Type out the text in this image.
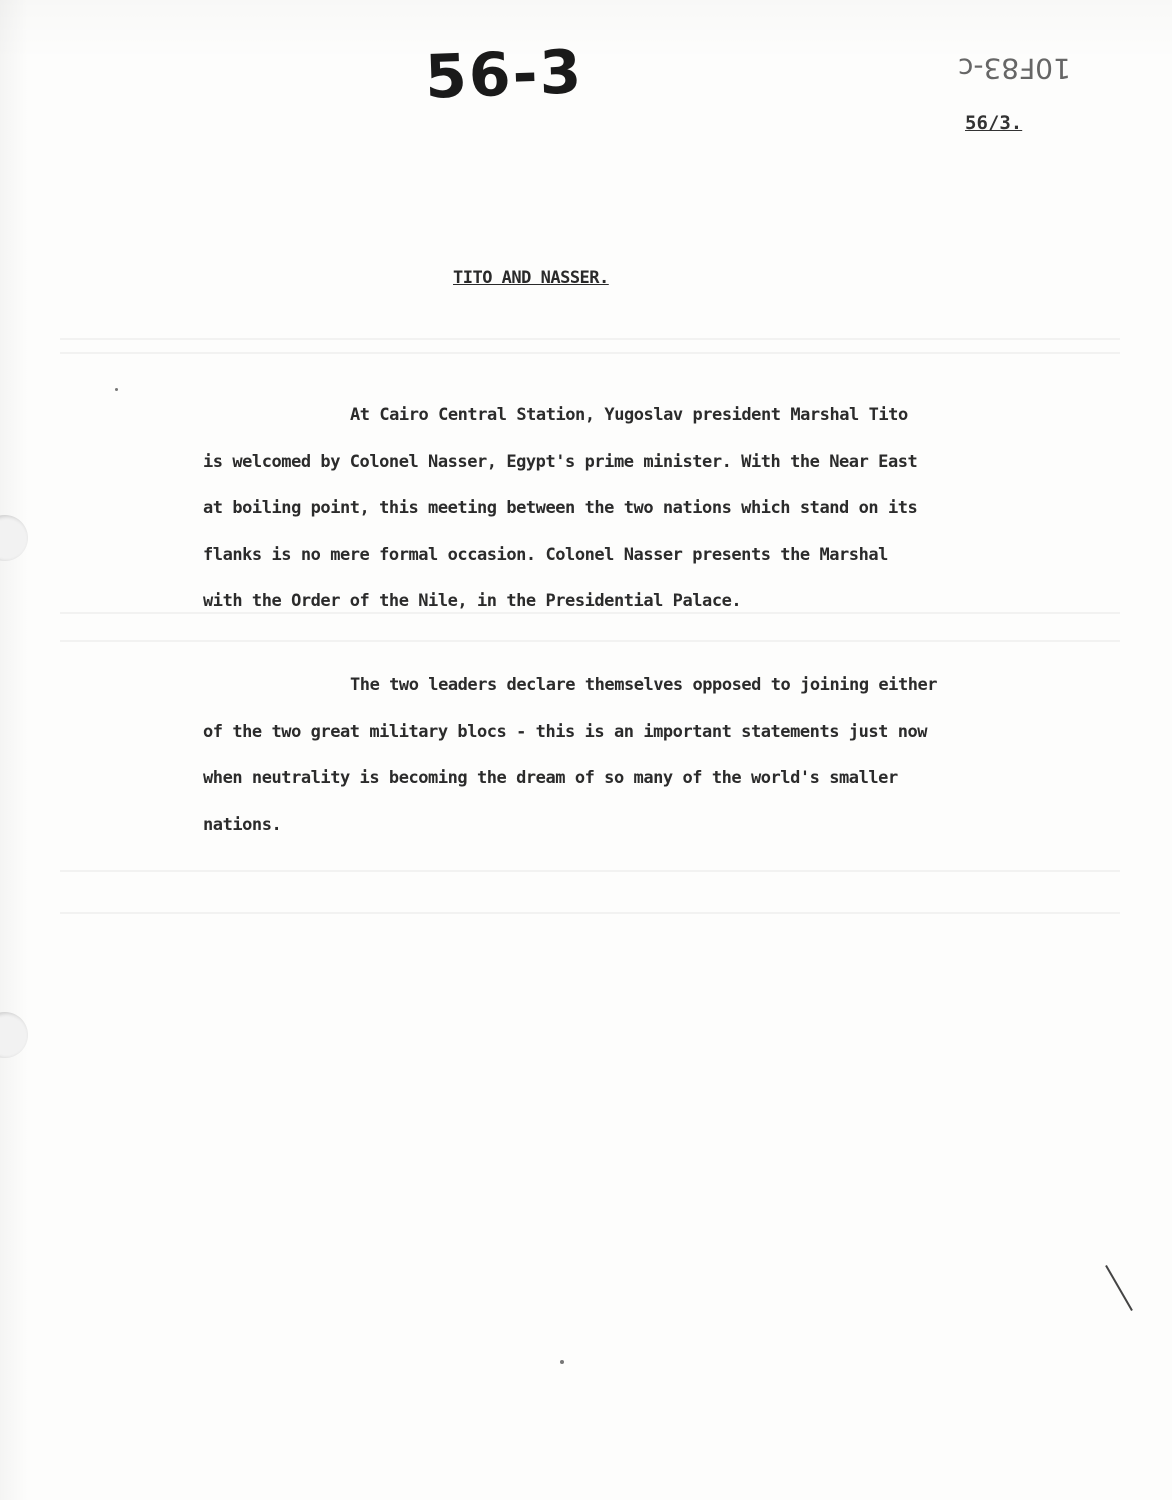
56-3	10F83-c

56/3.

TITO AND NASSER.
At Cairo Central Station, Yugoslav president Marshal Tito
is welcomed by Colonel Nasser, Egypt's prime minister. With the Near East
at boiling point, this meeting between the two nations which stand on its
flanks is no mere formal occasion. Colonel Nasser presents the Marshal
with the Order of the Nile, in the Presidential Palace.
The two leaders declare themselves opposed to joining either
of the two great military blocs - this is an important statements just now
when neutrality is becoming the dream of so many of the world's smaller
nations.
